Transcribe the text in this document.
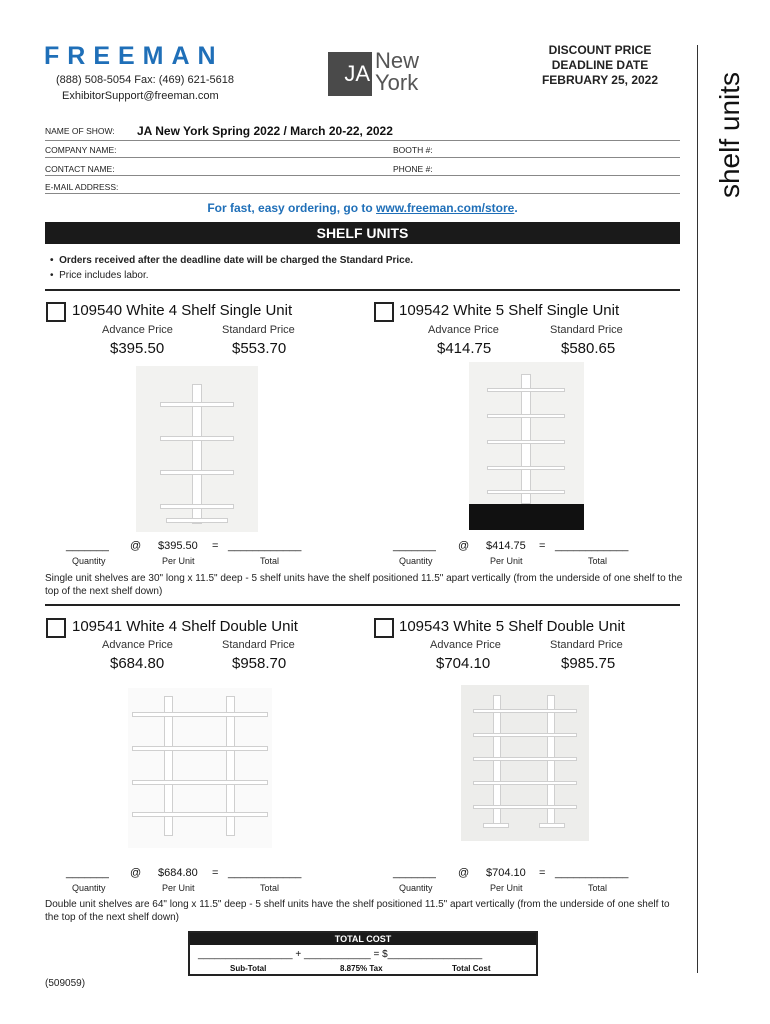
FREEMAN
(888) 508-5054 Fax: (469) 621-5618
ExhibitorSupport@freeman.com
JA
New
York
DISCOUNT PRICE
DEADLINE DATE
FEBRUARY 25, 2022	shelf units
NAME OF SHOW: JA New York Spring 2022 / March 20-22, 2022
COMPANY NAME:	BOOTH #:
CONTACT NAME:	PHONE #:
E-MAIL ADDRESS:
For fast, easy ordering, go to www.freeman.com/store.
SHELF UNITS
•  Orders received after the deadline date will be charged the Standard Price.
•  Price includes labor.
109540 White 4 Shelf Single Unit
Advance Price	Standard Price
$395.50	$553.70
_______ @ $395.50 = ____________
Quantity	Per Unit	Total
109542 White 5 Shelf Single Unit
Advance Price	Standard Price
$414.75	$580.65
_______ @ $414.75 = ____________
Quantity	Per Unit	Total
Single unit shelves are 30" long x 11.5" deep - 5 shelf units have the shelf positioned 11.5" apart vertically (from the underside of one shelf to the top of the next shelf down)
109541 White 4 Shelf Double Unit
Advance Price	Standard Price
$684.80	$958.70
_______ @ $684.80 = ____________
Quantity	Per Unit	Total
109543 White 5 Shelf Double Unit
Advance Price	Standard Price
$704.10	$985.75
_______ @ $704.10 = ____________
Quantity	Per Unit	Total
Double unit shelves are 64" long x 11.5" deep - 5 shelf units have the shelf positioned 11.5" apart vertically (from the underside of one shelf to the top of the next shelf down)
TOTAL COST
_________________ + ____________ = $_________________
Sub-Total	8.875% Tax	Total Cost
(509059)
